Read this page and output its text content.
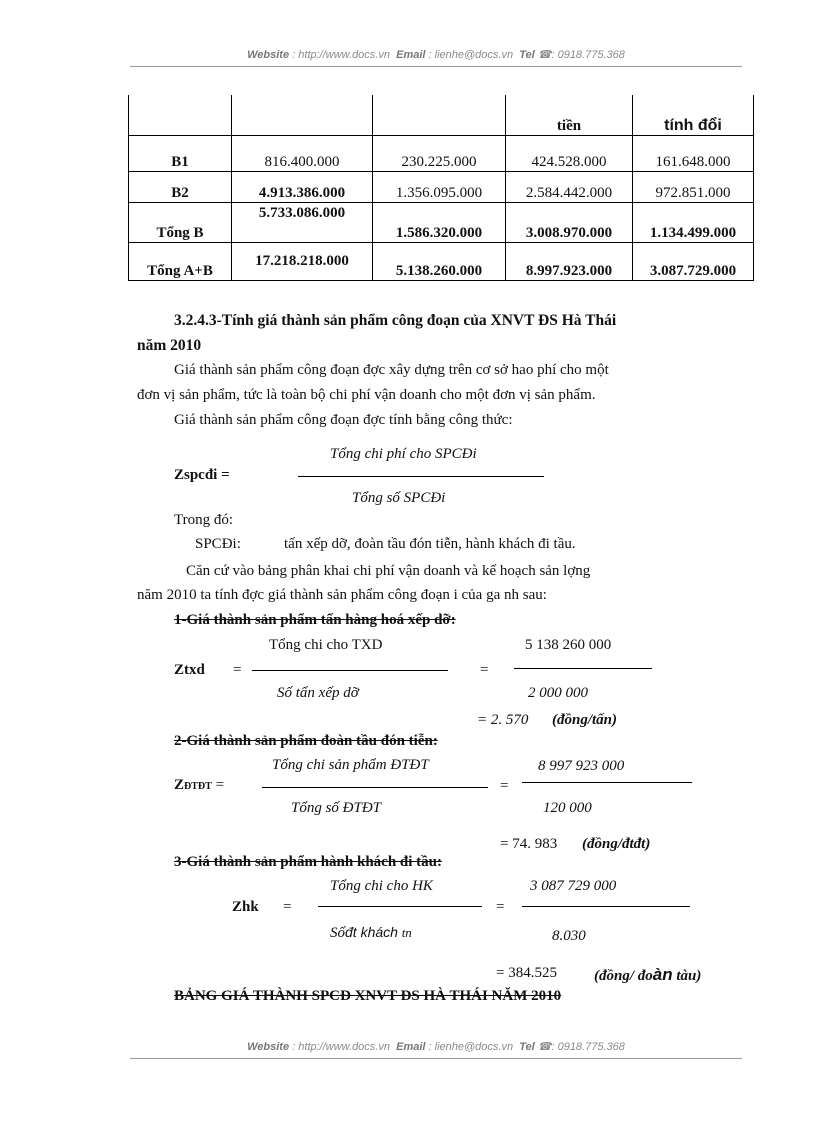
Website : http://www.docs.vn Email : lienhe@docs.vn Tel ☎: 0918.775.368
			tiền	tính đổi
B1	816.400.000	230.225.000	424.528.000	161.648.000
B2	4.913.386.000	1.356.095.000	2.584.442.000	972.851.000
Tổng B	5.733.086.000	1.586.320.000	3.008.970.000	1.134.499.000
Tổng A+B	17.218.218.000	5.138.260.000	8.997.923.000	3.087.729.000
3.2.4.3-Tính giá thành sản phẩm công đoạn của XNVT ĐS Hà Thái
năm 2010
Giá thành sản phẩm công đoạn đợc xây dựng trên cơ sở hao phí cho một
đơn vị sản phẩm, tức là toàn bộ chi phí vận doanh cho một đơn vị sản phẩm.
Giá thành sản phẩm công đoạn đợc tính bằng công thức:
Zspcđi =
Tổng chi phí cho SPCĐi
Tổng số SPCĐi
Trong đó:
SPCĐi:	tấn xếp dỡ, đoàn tầu đón tiễn, hành khách đi tầu.
Căn cứ vào bảng phân khai chi phí vận doanh và kế hoạch sản lợng
năm 2010 ta tính đợc giá thành sản phẩm công đoạn i của ga nh sau:
1-Giá thành sản phẩm tấn hàng hoá xếp dỡ:
Ztxd =
Tổng chi cho TXD
Số tấn xếp dỡ
=
5 138 260 000
2 000 000
= 2. 570 (đồng/tấn)
2-Giá thành sản phẩm đoàn tầu đón tiễn:
ZĐTĐT =
Tổng chi sản phẩm ĐTĐT
Tổng số ĐTĐT
=
8 997 923 000
120 000
= 74. 983 (đồng/đtđt)
3-Giá thành sản phẩm hành khách đi tầu:
Zhk =
Tổng chi cho HK
Sốđt khách tn
=
3 087 729 000
8.030
= 384.525 (đồng/ đoàn tàu)
BẢNG GIÁ THÀNH SPCĐ XNVT ĐS HÀ THÁI NĂM 2010
Website : http://www.docs.vn Email : lienhe@docs.vn Tel ☎: 0918.775.368
